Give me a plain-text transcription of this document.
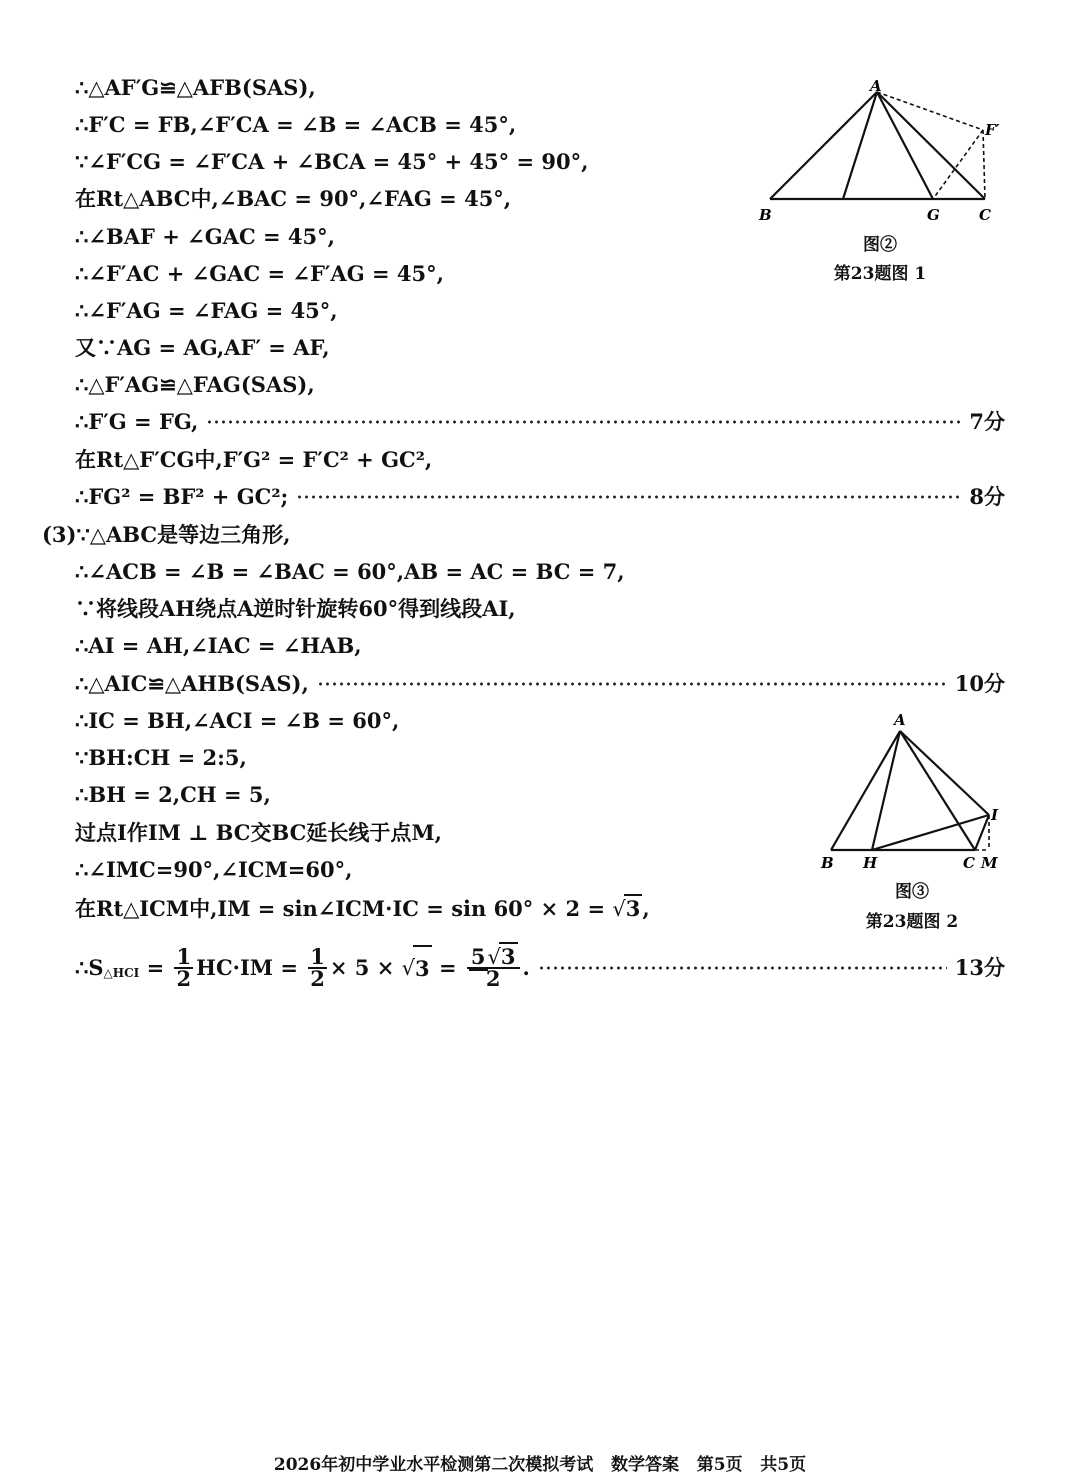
∴△AF′G≌△AFB(SAS),
∴F′C = FB,∠F′CA = ∠B = ∠ACB = 45°,
∵∠F′CG = ∠F′CA + ∠BCA = 45° + 45° = 90°,
在Rt△ABC中,∠BAC = 90°,∠FAG = 45°,
∴∠BAF + ∠GAC = 45°,
∴∠F′AC + ∠GAC = ∠F′AG = 45°,
∴∠F′AG = ∠FAG = 45°,
又∵AG = AG,AF′ = AF,
∴△F′AG≌△FAG(SAS),
∴F′G = FG,	7分
在Rt△F′CG中,F′G² = F′C² + GC²,
∴FG² = BF² + GC²;	8分
(3)∵△ABC是等边三角形,
∴∠ACB = ∠B = ∠BAC = 60°,AB = AC = BC = 7,
∵将线段AH绕点A逆时针旋转60°得到线段AI,
∴AI = AH,∠IAC = ∠HAB,
∴△AIC≌△AHB(SAS),	10分
∴IC = BH,∠ACI = ∠B = 60°,
∵BH:CH = 2:5,
∴BH = 2,CH = 5,
过点I作IM ⊥ BC交BC延长线于点M,
∴∠IMC=90°,∠ICM=60°,
在Rt△ICM中,IM = sin∠ICM·IC = sin 60° × 2 = √3,
$\therefore S_{\triangle HCI} = \frac{1}{2} HC\cdot IM = \frac{1}{2} \times 5$ × √ $3 = \frac{5√3}{2}$ .	13分
A
F′
B	G	C
图②
第23题图 1
A
I
B H	C M
图③
第23题图 2
2026年初中学业水平检测第二次模拟考试   数学答案   第5页   共5页
